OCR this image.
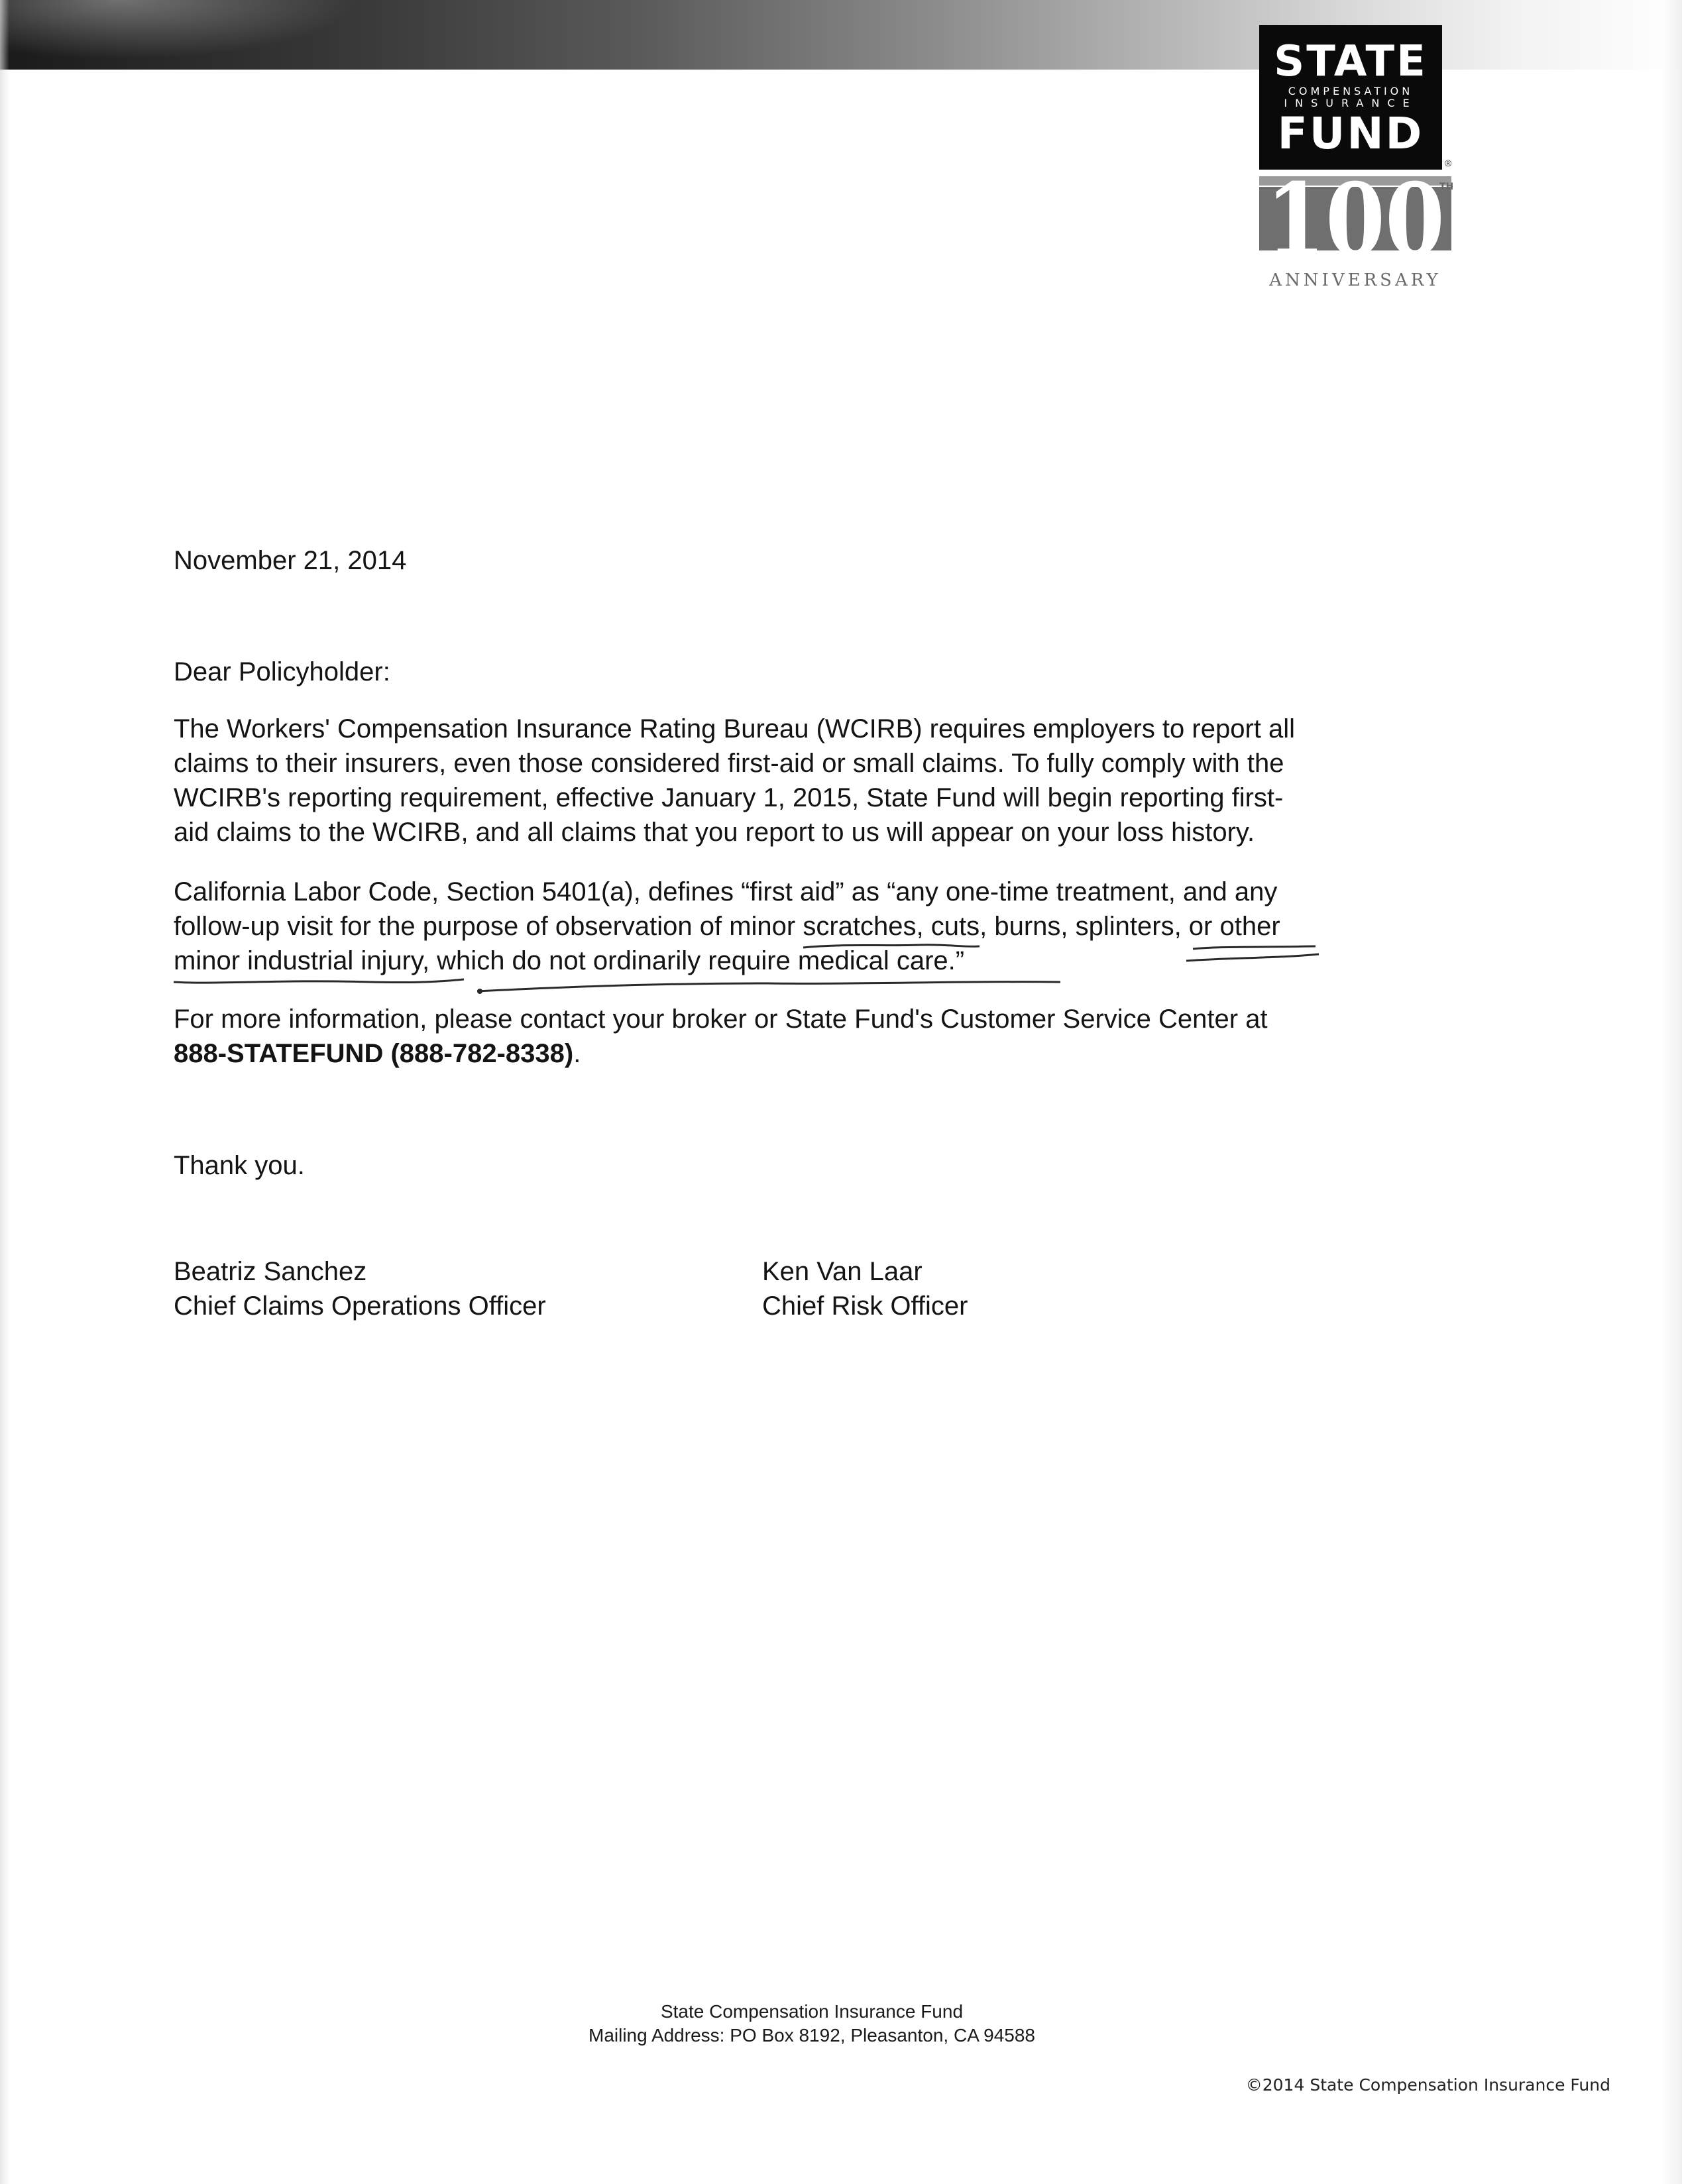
STATE
COMPENSATION
INSURANCE
FUND
®
100
TH
ANNIVERSARY

November 21, 2014

Dear Policyholder:

The Workers' Compensation Insurance Rating Bureau (WCIRB) requires employers to report all
claims to their insurers, even those considered first-aid or small claims. To fully comply with the
WCIRB's reporting requirement, effective January 1, 2015, State Fund will begin reporting first-
aid claims to the WCIRB, and all claims that you report to us will appear on your loss history.

California Labor Code, Section 5401(a), defines “first aid” as “any one-time treatment, and any
follow-up visit for the purpose of observation of minor scratches, cuts, burns, splinters, or other
minor industrial injury, which do not ordinarily require medical care.”

For more information, please contact your broker or State Fund's Customer Service Center at
888-STATEFUND (888-782-8338).

Thank you.

Beatriz Sanchez
Chief Claims Operations Officer
Ken Van Laar
Chief Risk Officer
State Compensation Insurance Fund
Mailing Address: PO Box 8192, Pleasanton, CA 94588
©2014 State Compensation Insurance Fund
